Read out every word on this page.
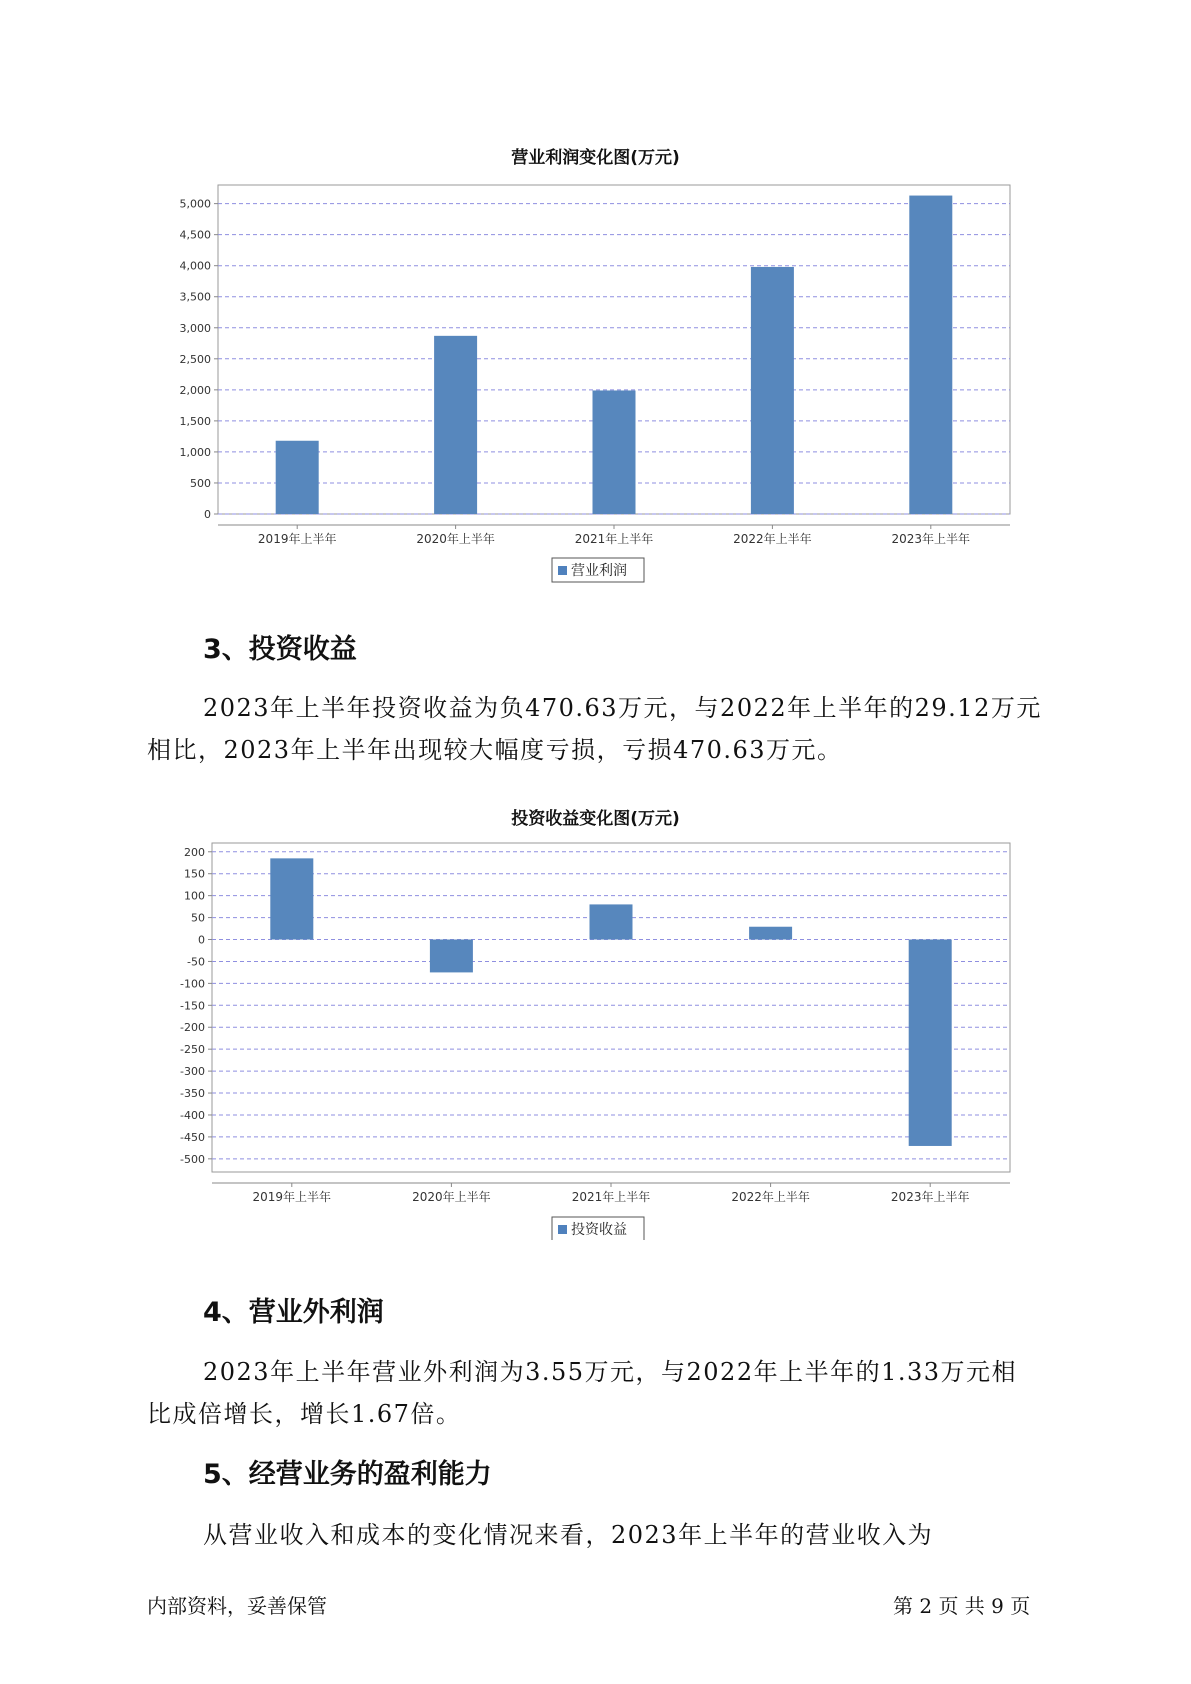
营业利润变化图(万元)
0
500
1,000
1,500
2,000
2,500
3,000
3,500
4,000
4,500
5,000
2019年上半年	2020年上半年	2021年上半年	2022年上半年	2023年上半年
营业利润
3、投资收益

2023年上半年投资收益为负470.63万元，与2022年上半年的29.12万元

相比，2023年上半年出现较大幅度亏损，亏损470.63万元。

投资收益变化图(万元)
200
150
100
50
0
-50
-100
-150
-200
-250
-300
-350
-400
-450
-500
2019年上半年	2020年上半年	2021年上半年	2022年上半年	2023年上半年
投资收益
4、营业外利润

2023年上半年营业外利润为3.55万元，与2022年上半年的1.33万元相

比成倍增长，增长1.67倍。

5、经营业务的盈利能力

从营业收入和成本的变化情况来看，2023年上半年的营业收入为

内部资料，妥善保管	第 2 页 共 9 页
